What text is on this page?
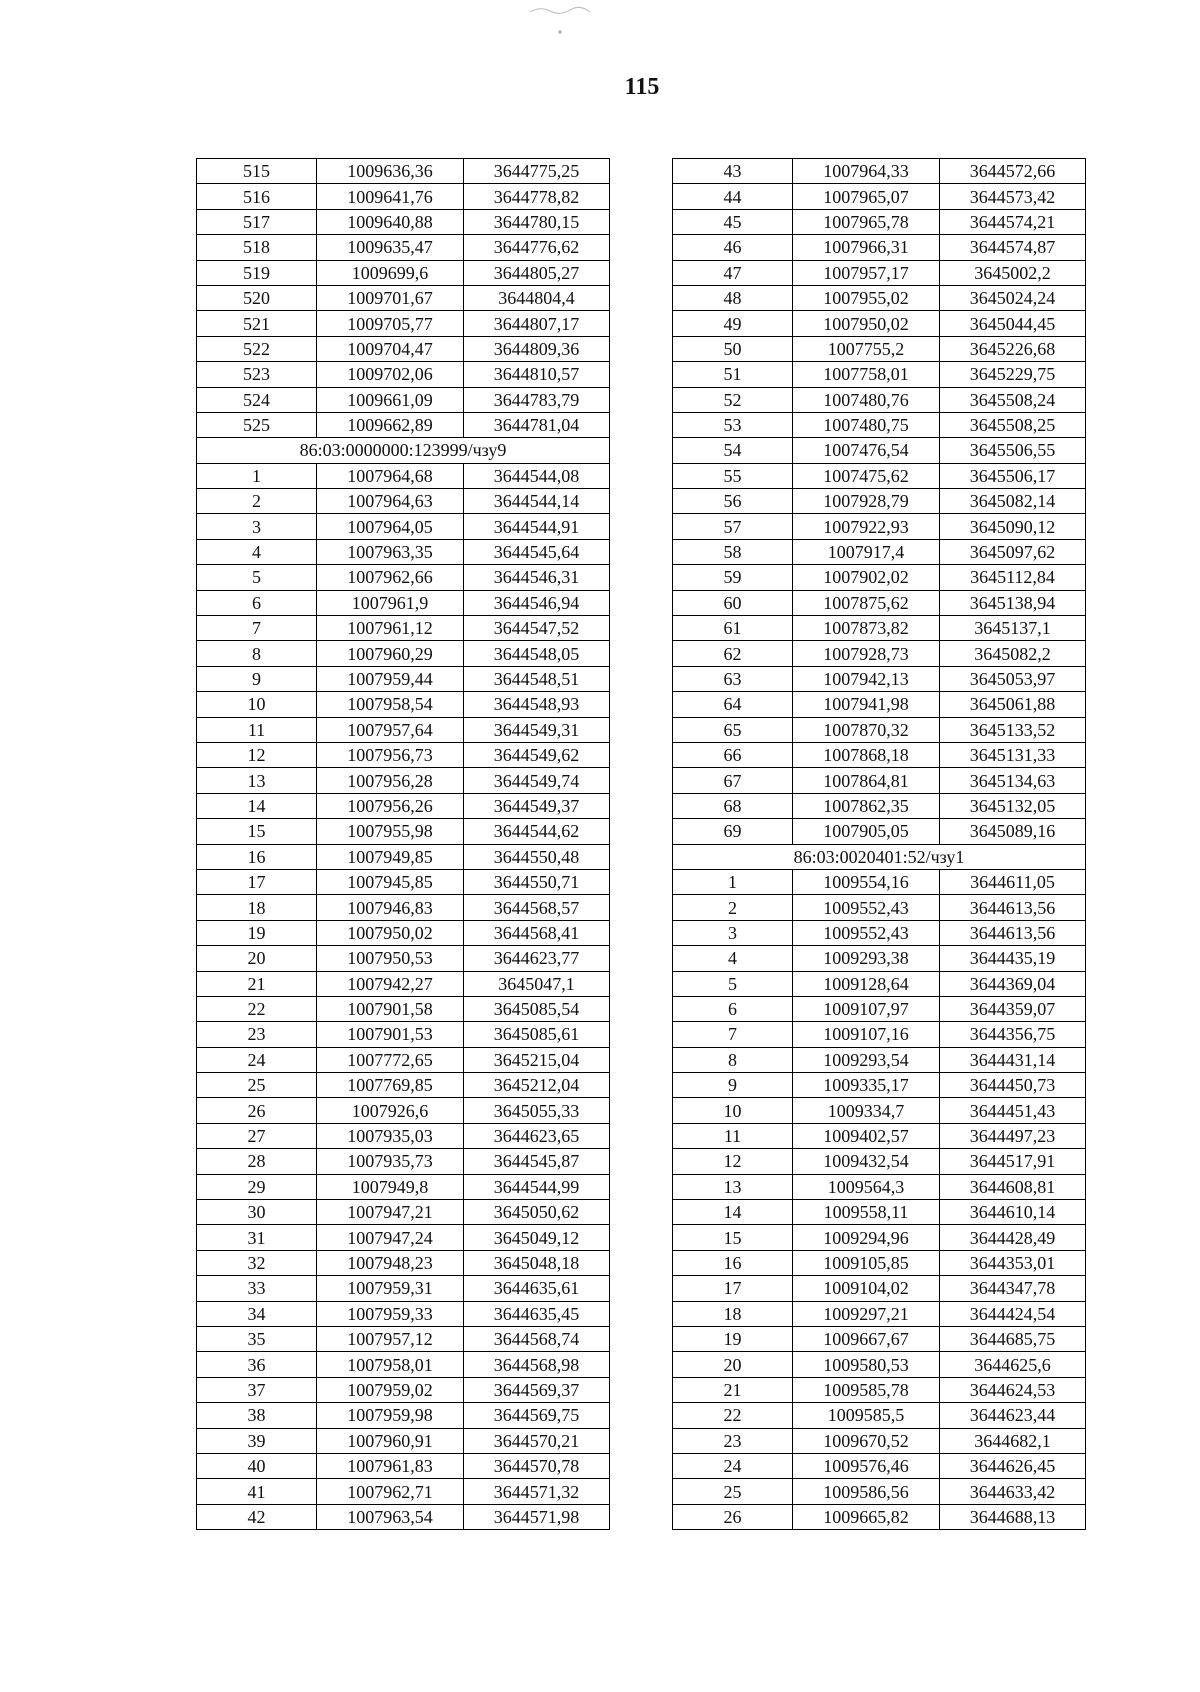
115
515	1009636,36	3644775,25
516	1009641,76	3644778,82
517	1009640,88	3644780,15
518	1009635,47	3644776,62
519	1009699,6	3644805,27
520	1009701,67	3644804,4
521	1009705,77	3644807,17
522	1009704,47	3644809,36
523	1009702,06	3644810,57
524	1009661,09	3644783,79
525	1009662,89	3644781,04
86:03:0000000:123999/чзу9		
1	1007964,68	3644544,08
2	1007964,63	3644544,14
3	1007964,05	3644544,91
4	1007963,35	3644545,64
5	1007962,66	3644546,31
6	1007961,9	3644546,94
7	1007961,12	3644547,52
8	1007960,29	3644548,05
9	1007959,44	3644548,51
10	1007958,54	3644548,93
11	1007957,64	3644549,31
12	1007956,73	3644549,62
13	1007956,28	3644549,74
14	1007956,26	3644549,37
15	1007955,98	3644544,62
16	1007949,85	3644550,48
17	1007945,85	3644550,71
18	1007946,83	3644568,57
19	1007950,02	3644568,41
20	1007950,53	3644623,77
21	1007942,27	3645047,1
22	1007901,58	3645085,54
23	1007901,53	3645085,61
24	1007772,65	3645215,04
25	1007769,85	3645212,04
26	1007926,6	3645055,33
27	1007935,03	3644623,65
28	1007935,73	3644545,87
29	1007949,8	3644544,99
30	1007947,21	3645050,62
31	1007947,24	3645049,12
32	1007948,23	3645048,18
33	1007959,31	3644635,61
34	1007959,33	3644635,45
35	1007957,12	3644568,74
36	1007958,01	3644568,98
37	1007959,02	3644569,37
38	1007959,98	3644569,75
39	1007960,91	3644570,21
40	1007961,83	3644570,78
41	1007962,71	3644571,32
42	1007963,54	3644571,98
43	1007964,33	3644572,66
44	1007965,07	3644573,42
45	1007965,78	3644574,21
46	1007966,31	3644574,87
47	1007957,17	3645002,2
48	1007955,02	3645024,24
49	1007950,02	3645044,45
50	1007755,2	3645226,68
51	1007758,01	3645229,75
52	1007480,76	3645508,24
53	1007480,75	3645508,25
54	1007476,54	3645506,55
55	1007475,62	3645506,17
56	1007928,79	3645082,14
57	1007922,93	3645090,12
58	1007917,4	3645097,62
59	1007902,02	3645112,84
60	1007875,62	3645138,94
61	1007873,82	3645137,1
62	1007928,73	3645082,2
63	1007942,13	3645053,97
64	1007941,98	3645061,88
65	1007870,32	3645133,52
66	1007868,18	3645131,33
67	1007864,81	3645134,63
68	1007862,35	3645132,05
69	1007905,05	3645089,16
86:03:0020401:52/чзу1		
1	1009554,16	3644611,05
2	1009552,43	3644613,56
3	1009552,43	3644613,56
4	1009293,38	3644435,19
5	1009128,64	3644369,04
6	1009107,97	3644359,07
7	1009107,16	3644356,75
8	1009293,54	3644431,14
9	1009335,17	3644450,73
10	1009334,7	3644451,43
11	1009402,57	3644497,23
12	1009432,54	3644517,91
13	1009564,3	3644608,81
14	1009558,11	3644610,14
15	1009294,96	3644428,49
16	1009105,85	3644353,01
17	1009104,02	3644347,78
18	1009297,21	3644424,54
19	1009667,67	3644685,75
20	1009580,53	3644625,6
21	1009585,78	3644624,53
22	1009585,5	3644623,44
23	1009670,52	3644682,1
24	1009576,46	3644626,45
25	1009586,56	3644633,42
26	1009665,82	3644688,13
